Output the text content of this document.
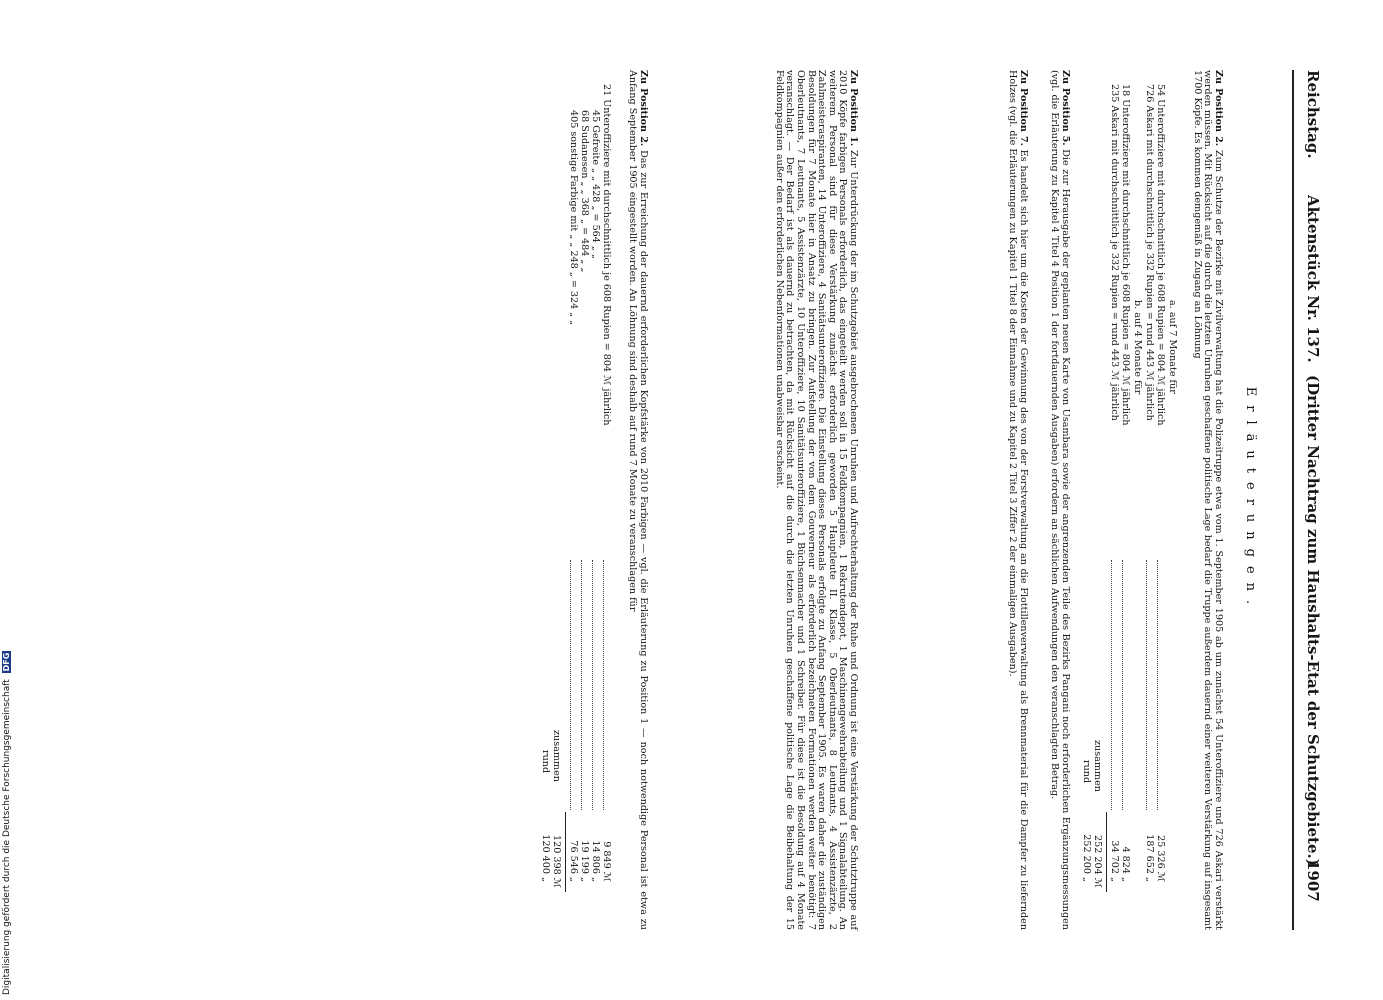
Reichstag.
Aktenstück Nr. 137.
(Dritter Nachtrag zum Haushalts-Etat der Schutzgebiete.)
1907
Erläuterungen.

Zu Position 2. Zum Schutze der Bezirke mit Zivilverwaltung hat die Polizeitruppe etwa vom 1. September 1905 ab um zunächst 54 Unteroffiziere und 726 Askari verstärkt werden müssen. Mit Rücksicht auf die durch die letzten Unruhen geschaffene politische Lage bedarf die Truppe außerdem dauernd einer weiteren Verstärkung auf insgesamt 1700 Köpfe. Es kommen demgemäß in Zugang an Löhnung

a. auf 7 Monate für
54 Unteroffiziere mit durchschnittlich je 608 Rupien = 804 ℳ jährlich
25 326 ℳ
726 Askari mit durchschnittlich je 332 Rupien = rund 443 ℳ jährlich
187 652 „
b. auf 4 Monate für
18 Unteroffiziere mit durchschnittlich je 608 Rupien = 804 ℳ jährlich
4 824 „
235 Askari mit durchschnittlich je 332 Rupien = rund 443 ℳ jährlich
34 702 „
zusammen
252 204 ℳ
rund
252 200 „

Zu Position 5. Die zur Herausgabe der geplanten neuen Karte von Usambara sowie der angrenzenden Teile des Bezirks Pangani noch erforderlichen Ergänzungsmessungen (vgl. die Erläuterung zu Kapitel 4 Titel 4 Position 1 der fortdauernden Ausgaben) erfordern an sächlichen Aufwendungen den veranschlagten Betrag.

Zu Position 7. Es handelt sich hier um die Kosten der Gewinnung des von der Forstverwaltung an die Flottillenverwaltung als Brennmaterial für die Dampfer zu liefernden Holzes (vgl. die Erläuterungen zu Kapitel 1 Titel 8 der Einnahme und zu Kapitel 2 Titel 3 Ziffer 2 der einmaligen Ausgaben).

Zu Position 1. Zur Unterdrückung der im Schutzgebiet ausgebrochenen Unruhen und Aufrechterhaltung der Ruhe und Ordnung ist eine Verstärkung der Schutztruppe auf 2010 Köpfe farbigen Personals erforderlich, das eingeteilt werden soll in 15 Feldkompagnien, 1 Rekrutendepot, 1 Maschinengewehrabteilung und 1 Signalabteilung. An weiterem Personal sind für diese Verstärkung zunächst erforderlich geworden 5 Hauptleute II. Klasse, 5 Oberleutnants, 8 Leutnants, 4 Assistenzärzte, 2 Zahlmeisteraspiranten, 14 Unteroffiziere, 4 Sanitätsunteroffiziere. Die Einstellung dieses Personals erfolgte zu Anfang September 1905. Es waren daher die zuständigen Besoldungen für 7 Monate hier in Ansatz zu bringen. Zur Aufstellung der von dem Gouverneur als erforderlich bezeichneten Formationen werden weiter benötigt: 7 Oberleutnants, 7 Leutnants, 5 Assistenzärzte, 10 Unteroffiziere, 10 Sanitätsunteroffiziere, 1 Büchsenmacher und 1 Schreiber. Für diese ist die Besoldung auf 4 Monate veranschlagt. — Der Bedarf ist als dauernd zu betrachten, da mit Rücksicht auf die durch die letzten Unruhen geschaffene politische Lage die Beibehaltung der 15 Feldkompagnien außer den erforderlichen Nebenformationen unabweisbar erscheint.

Zu Position 2. Das zur Erreichung der dauernd erforderlichen Kopfstärke von 2010 Farbigen — vgl. die Erläuterung zu Position 1 — noch notwendige Personal ist etwa zu Anfang September 1905 eingestellt worden. An Löhnung sind deshalb auf rund 7 Monate zu veranschlagen für

21 Unteroffiziere mit durchschnittlich je 608 Rupien = 804 ℳ jährlich
9 849 ℳ
45 Gefreite „ „ 428 „ = 564 „ „
14 806 „
68 Sudanesen „ „ 368 „ = 484 „ „
19 199 „
405 sonstige Farbige mit „ „ 248 „ = 324 „ „
76 546 „
zusammen
120 398 ℳ
rund
120 400 „
Digitalisierung gefördert durch die Deutsche Forschungsgemeinschaft DFG
